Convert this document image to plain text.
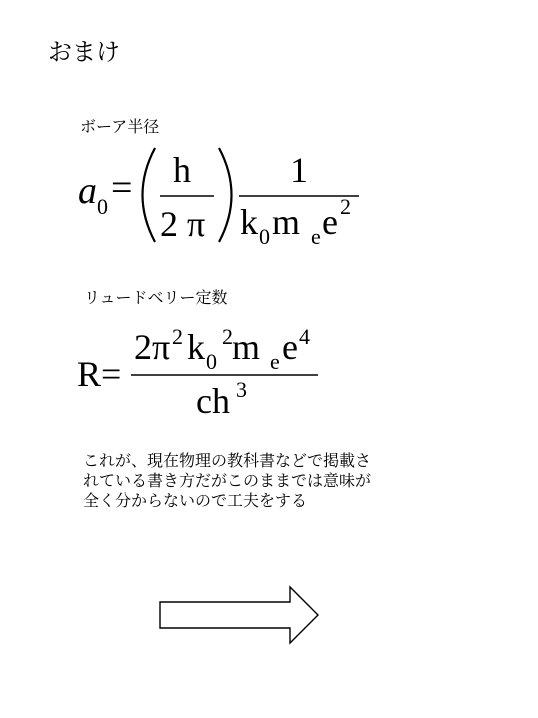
おまけ
ボーア半径
a 0 = h
2 π
1
k 0 m e e 2
リュードベリー定数
R =
2π 2 k 0
2 m e e 4
ch 3
これが、現在物理の教科書などで掲載さ
れている書き方だがこのままでは意味が
全く分からないので工夫をする
